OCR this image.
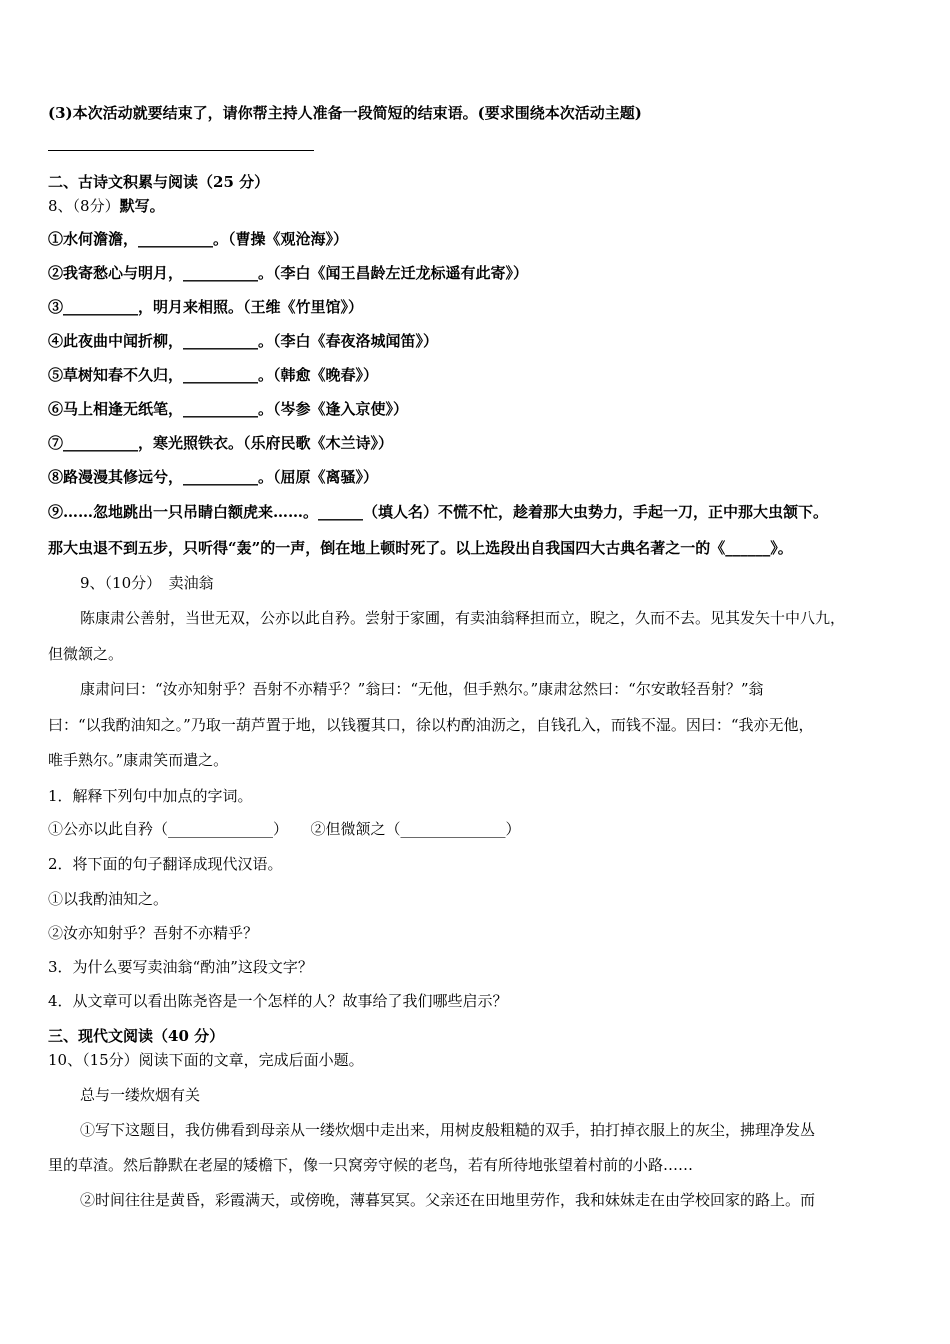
(3)本次活动就要结束了，请你帮主持人准备一段简短的结束语。(要求围绕本次活动主题)
二、古诗文积累与阅读（25 分）
8、（8分）默写。
①水何澹澹，__________。（曹操《观沧海》）
②我寄愁心与明月，__________。（李白《闻王昌龄左迁龙标遥有此寄》）
③__________，明月来相照。（王维《竹里馆》）
④此夜曲中闻折柳，__________。（李白《春夜洛城闻笛》）
⑤草树知春不久归，__________。（韩愈《晚春》）
⑥马上相逢无纸笔，__________。（岑参《逢入京使》）
⑦__________，寒光照铁衣。（乐府民歌《木兰诗》）
⑧路漫漫其修远兮，__________。（屈原《离骚》）
⑨……忽地跳出一只吊睛白额虎来……。______（填人名）不慌不忙，趁着那大虫势力，手起一刀，正中那大虫颔下。
那大虫退不到五步，只听得“轰”的一声，倒在地上顿时死了。以上选段出自我国四大古典名著之一的《______》。
9、（10分）　卖油翁
陈康肃公善射，当世无双，公亦以此自矜。尝射于家圃，有卖油翁释担而立，睨之，久而不去。见其发矢十中八九，
但微颔之。
康肃问曰：“汝亦知射乎？吾射不亦精乎？”翁曰：“无他，但手熟尔。”康肃忿然曰：“尔安敢轻吾射？”翁
曰：“以我酌油知之。”乃取一葫芦置于地，以钱覆其口，徐以杓酌油沥之，自钱孔入，而钱不湿。因曰：“我亦无他，
唯手熟尔。”康肃笑而遣之。
1．解释下列句中加点的字词。
①公亦以此自矜（______________）　　②但微颔之（______________）
2．将下面的句子翻译成现代汉语。
①以我酌油知之。
②汝亦知射乎？吾射不亦精乎？
3．为什么要写卖油翁“酌油”这段文字？
4．从文章可以看出陈尧咨是一个怎样的人？故事给了我们哪些启示？
三、现代文阅读（40 分）
10、（15分）阅读下面的文章，完成后面小题。
总与一缕炊烟有关
①写下这题目，我仿佛看到母亲从一缕炊烟中走出来，用树皮般粗糙的双手，拍打掉衣服上的灰尘，拂理净发丛
里的草渣。然后静默在老屋的矮檐下，像一只窝旁守候的老鸟，若有所待地张望着村前的小路……
②时间往往是黄昏，彩霞满天，或傍晚，薄暮冥冥。父亲还在田地里劳作，我和妹妹走在由学校回家的路上。而
